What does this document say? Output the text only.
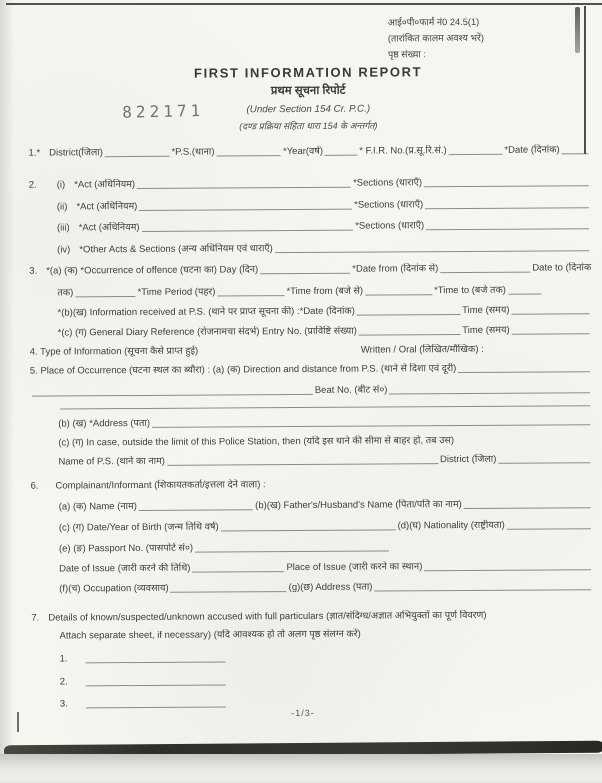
आई०पी०फार्म नं0 24.5(1)
(तारांकित कालम अवश्य भरें)
पृष्ठ संख्या :
FIRST INFORMATION REPORT
प्रथम सूचना रिपोर्ट
(Under Section 154 Cr. P.C.)
(दण्ड प्रक्रिया संहिता धारा 154 के अन्तर्गत)
822171
1.* District(जिला)	*P.S.(थाना)	*Year(वर्ष)	* F.I.R. No.(प्र.सू.रि.सं.)	*Date (दिनांक)
2. (i) *Act (अधिनियम)	*Sections (धाराएँ)
(ii) *Act (अधिनियम)	*Sections (धाराएँ)
(iii) *Act (अधिनियम)	*Sections (धाराएँ)
(iv) *Other Acts & Sections (अन्य अधिनियम एवं धाराएँ)
3. *(a) (क) *Occurrence of offence (घटना का) Day (दिन)	*Date from (दिनांक से)	Date to (दिनांक
तक)	*Time Period (पहर)	*Time from (बजे से)	*Time to (बजे तक)
*(b)(ख) Information received at P.S. (थाने पर प्राप्त सूचना की) :*Date (दिनांक)	Time (समय)
*(c) (ग) General Diary Reference (रोजनामचा संदर्भ) Entry No. (प्राविष्टि संख्या)	Time (समय)
4. Type of Information (सूचना कैसे प्राप्त हुई)	Written / Oral (लिखित/मौखिक) :
5. Place of Occurrence (घटना स्थल का ब्यौरा) : (a) (क) Direction and distance from P.S. (थाने से दिशा एवं दूरी)
Beat No. (बीट सं०)
(b) (ख) *Address (पता)
(c) (ग) In case, outside the limit of this Police Station, then (यदि इस थाने की सीमा से बाहर हो, तब उस)
Name of P.S. (थाने का नाम)	District (जिला)
6. Complainant/Informant (शिकायतकर्ता/इत्तला देने वाला) :
(a) (क) Name (नाम)	(b)(ख) Father's/Husband's Name (पिता/पति का नाम)
(c) (ग) Date/Year of Birth (जन्म तिथि वर्ष)	(d)(घ) Nationality (राष्ट्रीयता)
(e) (ङ) Passport No. (पासपोर्ट सं०)
Date of Issue (जारी करने की तिथि)	Place of Issue (जारी करने का स्थान)
(f)(च) Occupation (व्यवसाय)	(g)(छ) Address (पता)
7. Details of known/suspected/unknown accused with full particulars (ज्ञात/संदिग्ध/अज्ञात अभियुक्तों का पूर्ण विवरण)
Attach separate sheet, if necessary) (यदि आवश्यक हो तो अलग पृष्ठ संलग्न करें)
1.
2.
3.
-1/3-
